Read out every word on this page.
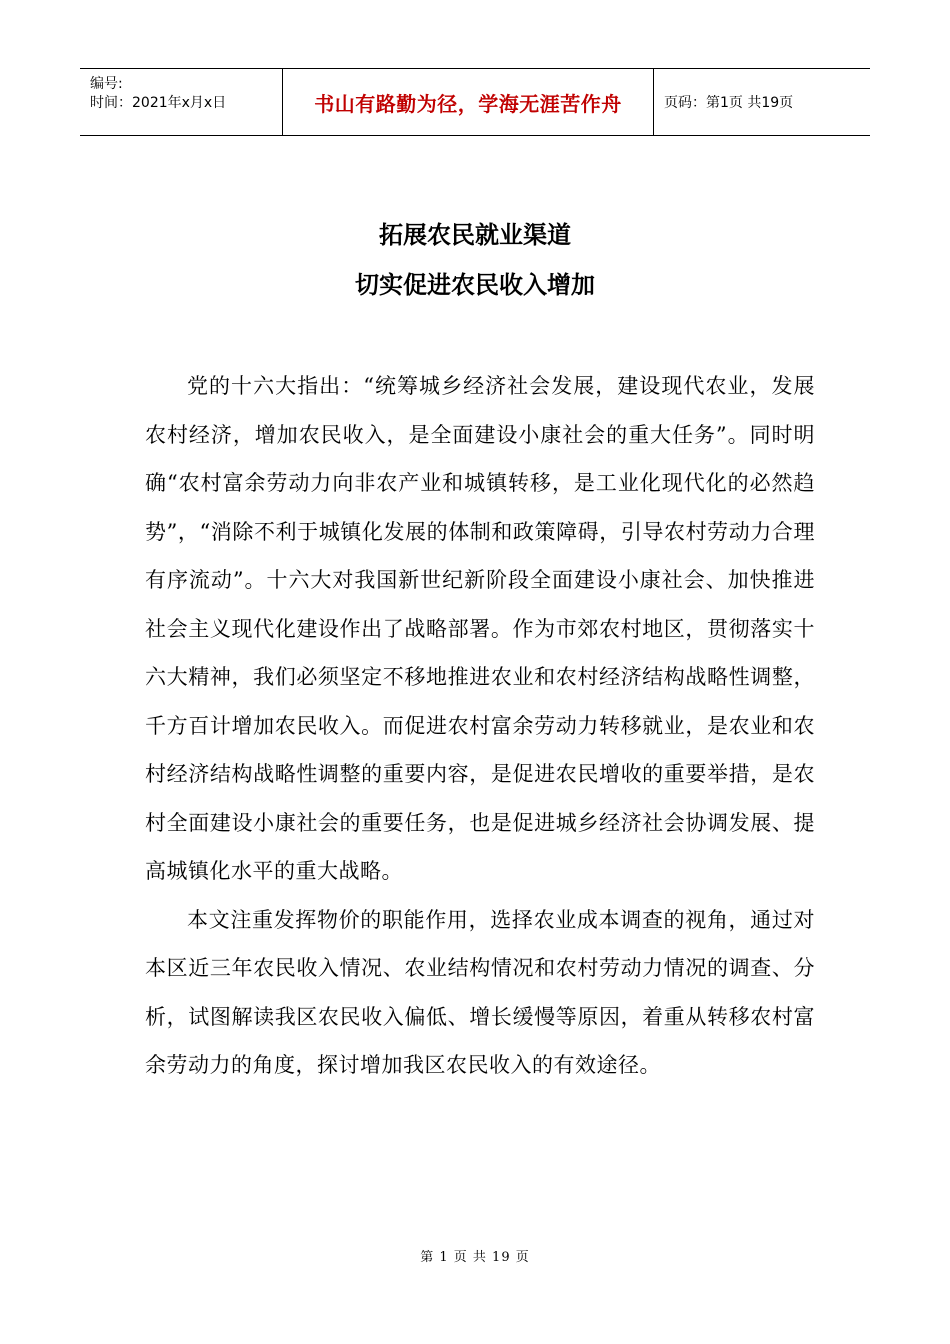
编号:
时间：2021年x月x日	书山有路勤为径，学海无涯苦作舟	页码：第1页 共19页
拓展农民就业渠道
切实促进农民收入增加

党的十六大指出：“统筹城乡经济社会发展，建设现代农业，发展农村经济，增加农民收入，是全面建设小康社会的重大任务”。同时明确“农村富余劳动力向非农产业和城镇转移，是工业化现代化的必然趋势”，“消除不利于城镇化发展的体制和政策障碍，引导农村劳动力合理有序流动”。十六大对我国新世纪新阶段全面建设小康社会、加快推进社会主义现代化建设作出了战略部署。作为市郊农村地区，贯彻落实十六大精神，我们必须坚定不移地推进农业和农村经济结构战略性调整，千方百计增加农民收入。而促进农村富余劳动力转移就业，是农业和农村经济结构战略性调整的重要内容，是促进农民增收的重要举措，是农村全面建设小康社会的重要任务，也是促进城乡经济社会协调发展、提高城镇化水平的重大战略。

本文注重发挥物价的职能作用，选择农业成本调查的视角，通过对本区近三年农民收入情况、农业结构情况和农村劳动力情况的调查、分析，试图解读我区农民收入偏低、增长缓慢等原因，着重从转移农村富余劳动力的角度，探讨增加我区农民收入的有效途径。

第 1 页 共 19 页
